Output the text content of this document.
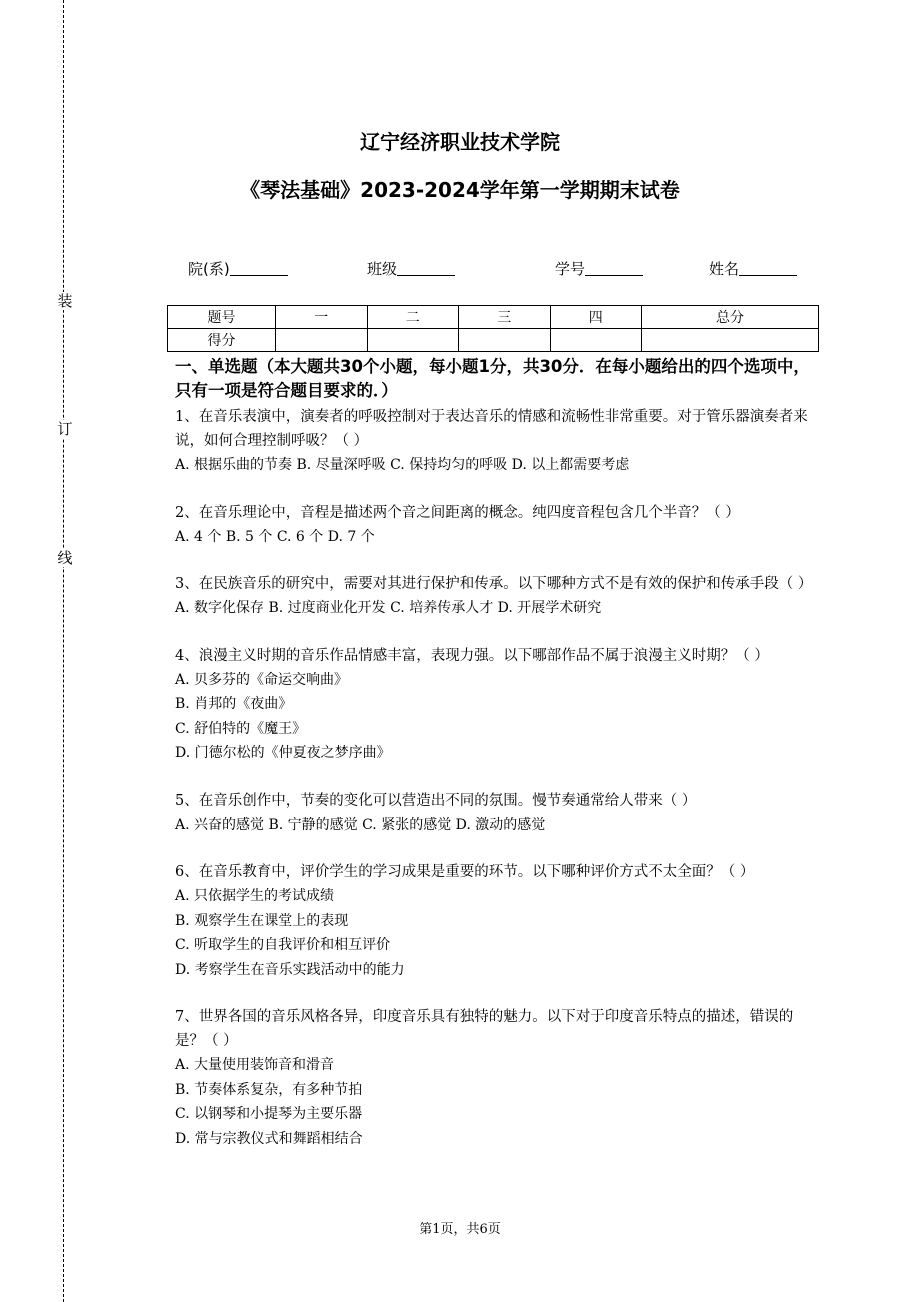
装
订
线
辽宁经济职业技术学院
《琴法基础》2023-2024学年第一学期期末试卷
院(系)	班级	学号	姓名
题号	一	二	三	四	总分
得分					
一、单选题（本大题共30个小题，每小题1分，共30分．在每小题给出的四个选项中，只有一项是符合题目要求的．）
1、在音乐表演中，演奏者的呼吸控制对于表达音乐的情感和流畅性非常重要。对于管乐器演奏者来说，如何合理控制呼吸？（ ）
A. 根据乐曲的节奏 B. 尽量深呼吸 C. 保持均匀的呼吸 D. 以上都需要考虑
2、在音乐理论中，音程是描述两个音之间距离的概念。纯四度音程包含几个半音？（ ）
A. 4 个 B. 5 个 C. 6 个 D. 7 个
3、在民族音乐的研究中，需要对其进行保护和传承。以下哪种方式不是有效的保护和传承手段（ ）
A. 数字化保存 B. 过度商业化开发 C. 培养传承人才 D. 开展学术研究
4、浪漫主义时期的音乐作品情感丰富，表现力强。以下哪部作品不属于浪漫主义时期？（ ）
A. 贝多芬的《命运交响曲》
B. 肖邦的《夜曲》
C. 舒伯特的《魔王》
D. 门德尔松的《仲夏夜之梦序曲》
5、在音乐创作中，节奏的变化可以营造出不同的氛围。慢节奏通常给人带来（ ）
A. 兴奋的感觉 B. 宁静的感觉 C. 紧张的感觉 D. 激动的感觉
6、在音乐教育中，评价学生的学习成果是重要的环节。以下哪种评价方式不太全面？（ ）
A. 只依据学生的考试成绩
B. 观察学生在课堂上的表现
C. 听取学生的自我评价和相互评价
D. 考察学生在音乐实践活动中的能力
7、世界各国的音乐风格各异，印度音乐具有独特的魅力。以下对于印度音乐特点的描述，错误的是？（ ）
A. 大量使用装饰音和滑音
B. 节奏体系复杂，有多种节拍
C. 以钢琴和小提琴为主要乐器
D. 常与宗教仪式和舞蹈相结合
第1页，共6页
